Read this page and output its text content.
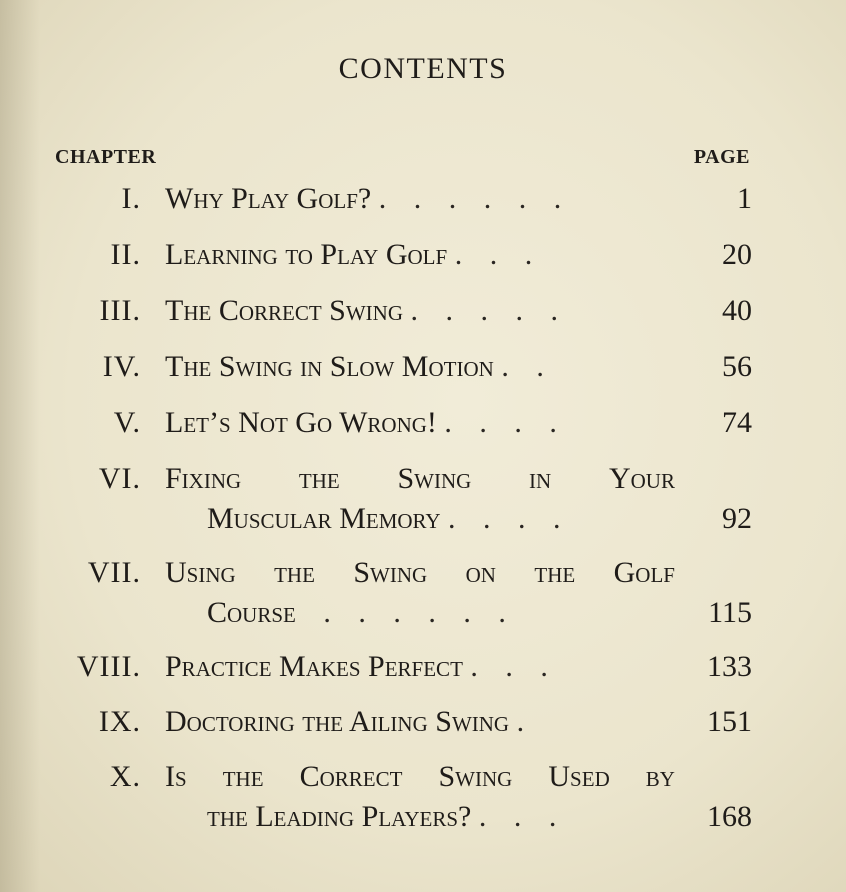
CONTENTS
CHAPTER	PAGE
I. Why Play Golf? . . . . . .	1
II. Learning to Play Golf . . .	20
III. The Correct Swing . . . . .	40
IV. The Swing in Slow Motion . .	56
V. Let’s Not Go Wrong! . . . .	74
VI. Fixing the Swing in Your
Muscular Memory . . . .	92
VII. Using the Swing on the Golf
Course . . . . . .	115
VIII. Practice Makes Perfect . . .	133
IX. Doctoring the Ailing Swing .	151
X. Is the Correct Swing Used by
the Leading Players? . . .	168
